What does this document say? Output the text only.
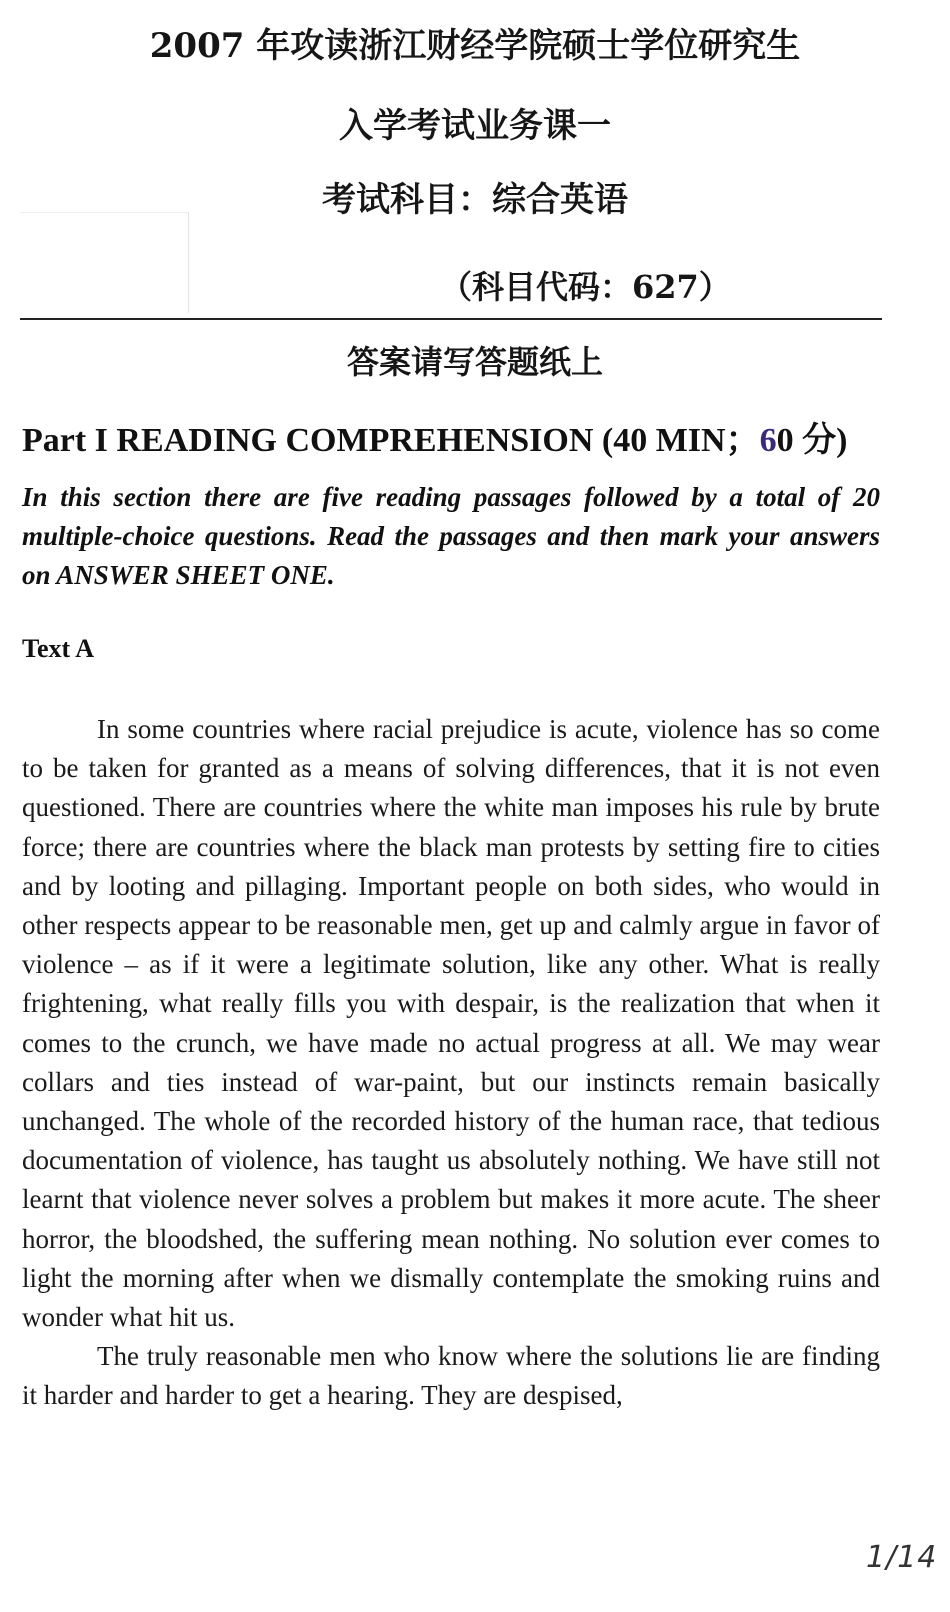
2007 年攻读浙江财经学院硕士学位研究生
入学考试业务课一
考试科目：综合英语
（科目代码：627）
答案请写答题纸上
Part I READING COMPREHENSION (40 MIN；60 分)
In this section there are five reading passages followed by a total of 20 multiple-choice questions. Read the passages and then mark your answers on ANSWER SHEET ONE.
Text A

In some countries where racial prejudice is acute, violence has so come to be taken for granted as a means of solving differences, that it is not even questioned. There are countries where the white man imposes his rule by brute force; there are countries where the black man protests by setting fire to cities and by looting and pillaging. Important people on both sides, who would in other respects appear to be reasonable men, get up and calmly argue in favor of violence – as if it were a legitimate solution, like any other. What is really frightening, what really fills you with despair, is the realization that when it comes to the crunch, we have made no actual progress at all. We may wear collars and ties instead of war-paint, but our instincts remain basically unchanged. The whole of the recorded history of the human race, that tedious documentation of violence, has taught us absolutely nothing. We have still not learnt that violence never solves a problem but makes it more acute. The sheer horror, the bloodshed, the suffering mean nothing. No solution ever comes to light the morning after when we dismally contemplate the smoking ruins and wonder what hit us.

The truly reasonable men who know where the solutions lie are finding it harder and harder to get a hearing. They are despised,

1/14
